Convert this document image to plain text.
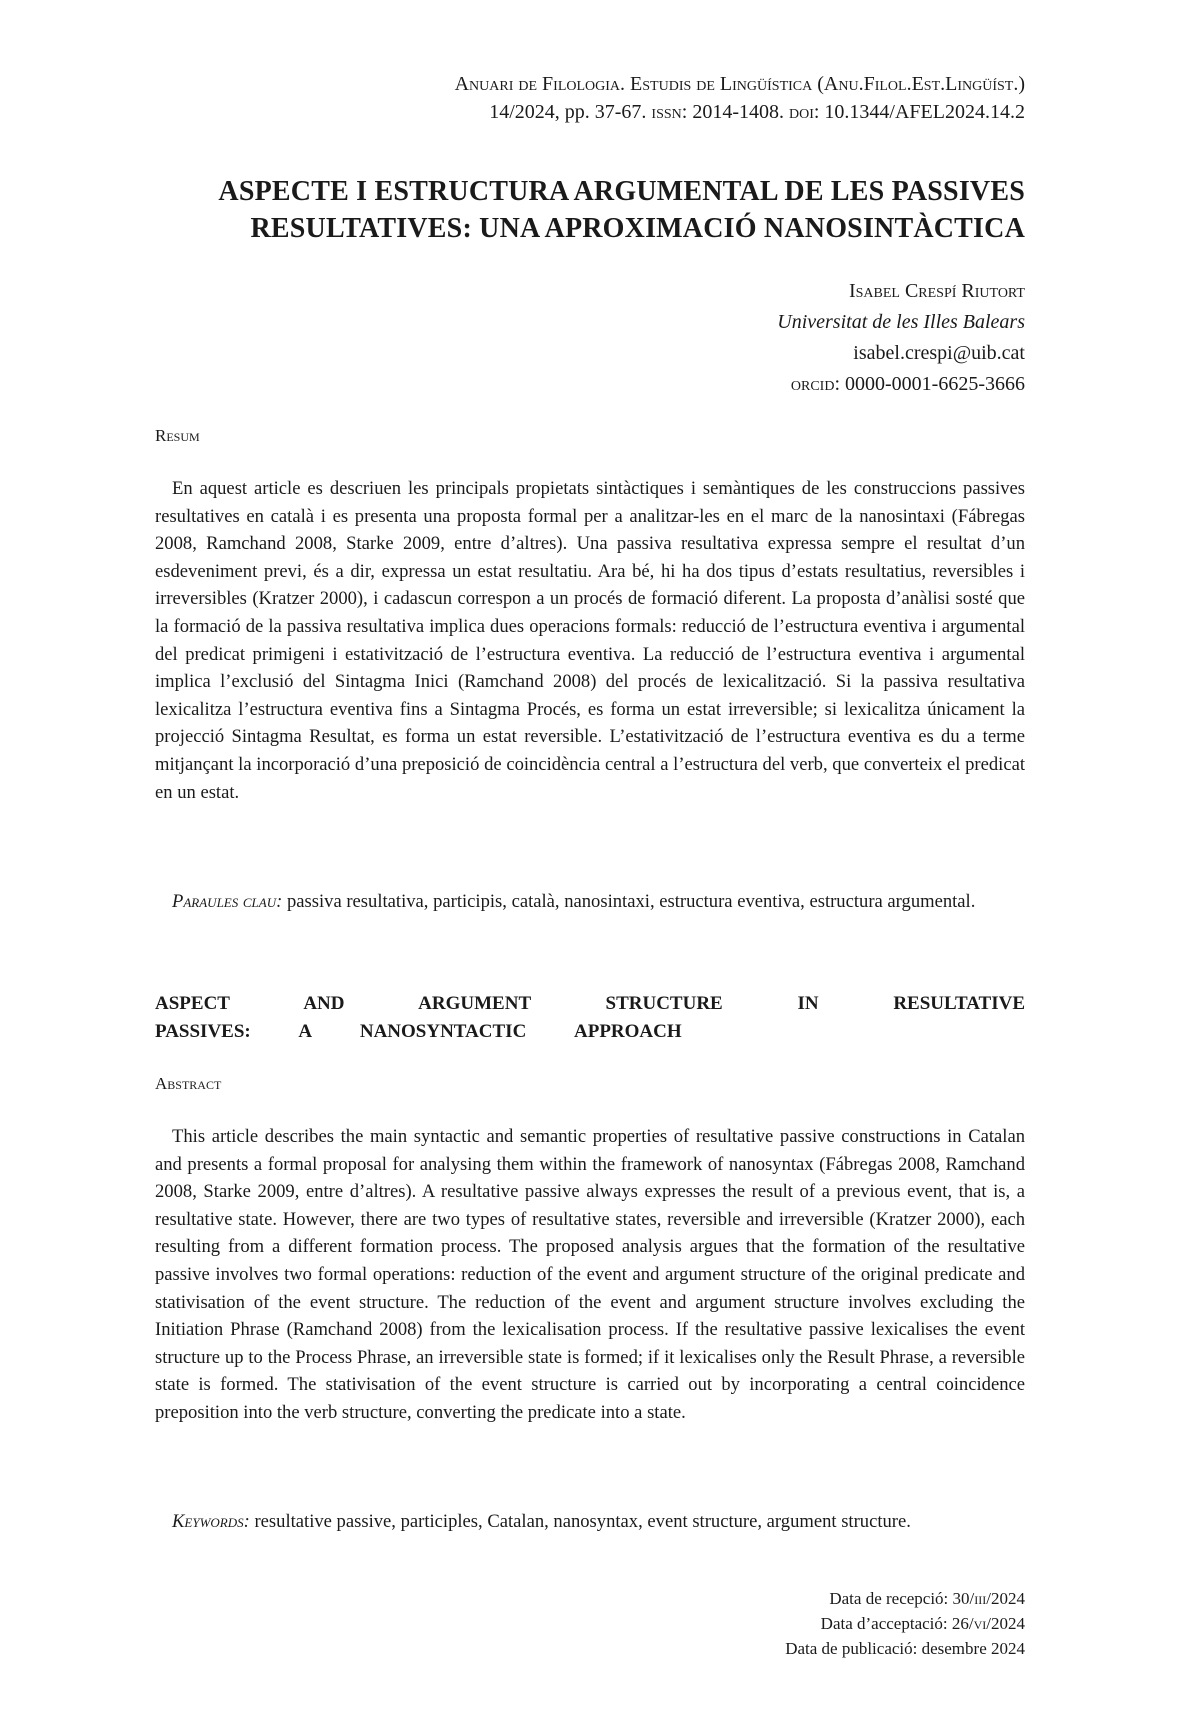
Anuari de Filologia. Estudis de Lingüística (Anu.Filol.Est.Lingüíst.)
14/2024, pp. 37-67. issn: 2014-1408. doi: 10.1344/AFEL2024.14.2
ASPECTE I ESTRUCTURA ARGUMENTAL DE LES PASSIVES
RESULTATIVES: UNA APROXIMACIÓ NANOSINTÀCTICA
Isabel Crespí Riutort
Universitat de les Illes Balears
isabel.crespi@uib.cat
orcid: 0000-0001-6625-3666
Resum

En aquest article es descriuen les principals propietats sintàctiques i semàntiques de les construccions passives resultatives en català i es presenta una proposta formal per a analitzar-les en el marc de la nanosintaxi (Fábregas 2008, Ramchand 2008, Starke 2009, entre d’altres). Una passiva resultativa expressa sempre el resultat d’un esdeveniment previ, és a dir, expressa un estat resultatiu. Ara bé, hi ha dos tipus d’estats resultatius, reversibles i irreversibles (Kratzer 2000), i cadascun correspon a un procés de formació diferent. La proposta d’anàlisi sosté que la formació de la passiva resultativa implica dues operacions formals: reducció de l’estructura eventiva i argumental del predicat primigeni i estativització de l’estructura eventiva. La reducció de l’estructura eventiva i argumental implica l’exclusió del Sintagma Inici (Ramchand 2008) del procés de lexicalització. Si la passiva resultativa lexicalitza l’estructura eventiva fins a Sintagma Procés, es forma un estat irreversible; si lexicalitza únicament la projecció Sintagma Resultat, es forma un estat reversible. L’estativització de l’estructura eventiva es du a terme mitjançant la incorporació d’una preposició de coincidència central a l’estructura del verb, que converteix el predicat en un estat.

Paraules clau: passiva resultativa, participis, català, nanosintaxi, estructura eventiva, estructura argumental.

ASPECT AND ARGUMENT STRUCTURE IN RESULTATIVE PASSIVES: A NANOSYNTACTIC APPROACH
Abstract

This article describes the main syntactic and semantic properties of resultative passive constructions in Catalan and presents a formal proposal for analysing them within the framework of nanosyntax (Fábregas 2008, Ramchand 2008, Starke 2009, entre d’altres). A resultative passive always expresses the result of a previous event, that is, a resultative state. However, there are two types of resultative states, reversible and irreversible (Kratzer 2000), each resulting from a different formation process. The proposed analysis argues that the formation of the resultative passive involves two formal operations: reduction of the event and argument structure of the original predicate and stativisation of the event structure. The reduction of the event and argument structure involves excluding the Initiation Phrase (Ramchand 2008) from the lexicalisation process. If the resultative passive lexicalises the event structure up to the Process Phrase, an irreversible state is formed; if it lexicalises only the Result Phrase, a reversible state is formed. The stativisation of the event structure is carried out by incorporating a central coincidence preposition into the verb structure, converting the predicate into a state.

Keywords: resultative passive, participles, Catalan, nanosyntax, event structure, argument structure.

Data de recepció: 30/iii/2024
Data d’acceptació: 26/vi/2024
Data de publicació: desembre 2024
